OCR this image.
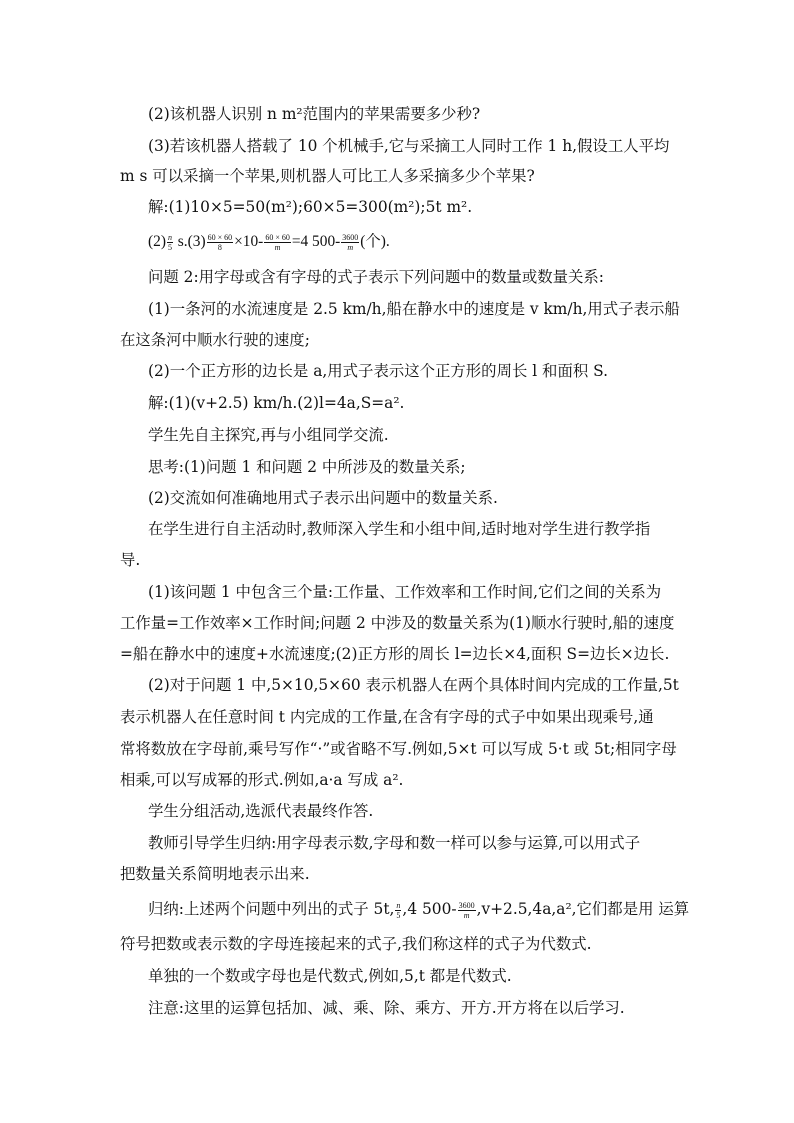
(2)该机器人识别 n m²范围内的苹果需要多少秒?
(3)若该机器人搭载了 10 个机械手,它与采摘工人同时工作 1 h,假设工人平均
m s 可以采摘一个苹果,则机器人可比工人多采摘多少个苹果?
解:(1)10×5=50(m²);60×5=300(m²);5t m².
$(2) \frac{n}{5} s.(3) \frac{60 \times 60}{8} \times 10- \frac{60 \times 60}{m} =4$ $500- \frac{3600}{m}$ (个).
问题 2:用字母或含有字母的式子表示下列问题中的数量或数量关系:
(1)一条河的水流速度是 2.5 km/h,船在静水中的速度是 v km/h,用式子表示船
在这条河中顺水行驶的速度;
(2)一个正方形的边长是 a,用式子表示这个正方形的周长 l 和面积 S.
解:(1)(v+2.5) km/h.(2)l=4a,S=a².
学生先自主探究,再与小组同学交流.
思考:(1)问题 1 和问题 2 中所涉及的数量关系;
(2)交流如何准确地用式子表示出问题中的数量关系.
在学生进行自主活动时,教师深入学生和小组中间,适时地对学生进行教学指
导.
(1)该问题 1 中包含三个量:工作量、工作效率和工作时间,它们之间的关系为
工作量=工作效率×工作时间;问题 2 中涉及的数量关系为(1)顺水行驶时,船的速度
=船在静水中的速度+水流速度;(2)正方形的周长 l=边长×4,面积 S=边长×边长.
(2)对于问题 1 中,5×10,5×60 表示机器人在两个具体时间内完成的工作量,5t
表示机器人在任意时间 t 内完成的工作量,在含有字母的式子中如果出现乘号,通
常将数放在字母前,乘号写作“·”或省略不写.例如,5×t 可以写成 5·t 或 5t;相同字母
相乘,可以写成幂的形式.例如,a·a 写成 a².
学生分组活动,选派代表最终作答.
教师引导学生归纳:用字母表示数,字母和数一样可以参与运算,可以用式子
把数量关系简明地表示出来.
归纳:上述两个问题中列出的式子 5t, $\frac{n}{5} ,4$ $500- \frac{3600}{m} ,v+2.5,4a,a^2$,它们都是用 运算
符号把数或表示数的字母连接起来的式子,我们称这样的式子为代数式.
单独的一个数或字母也是代数式,例如,5,t 都是代数式.
注意:这里的运算包括加、减、乘、除、乘方、开方.开方将在以后学习.
